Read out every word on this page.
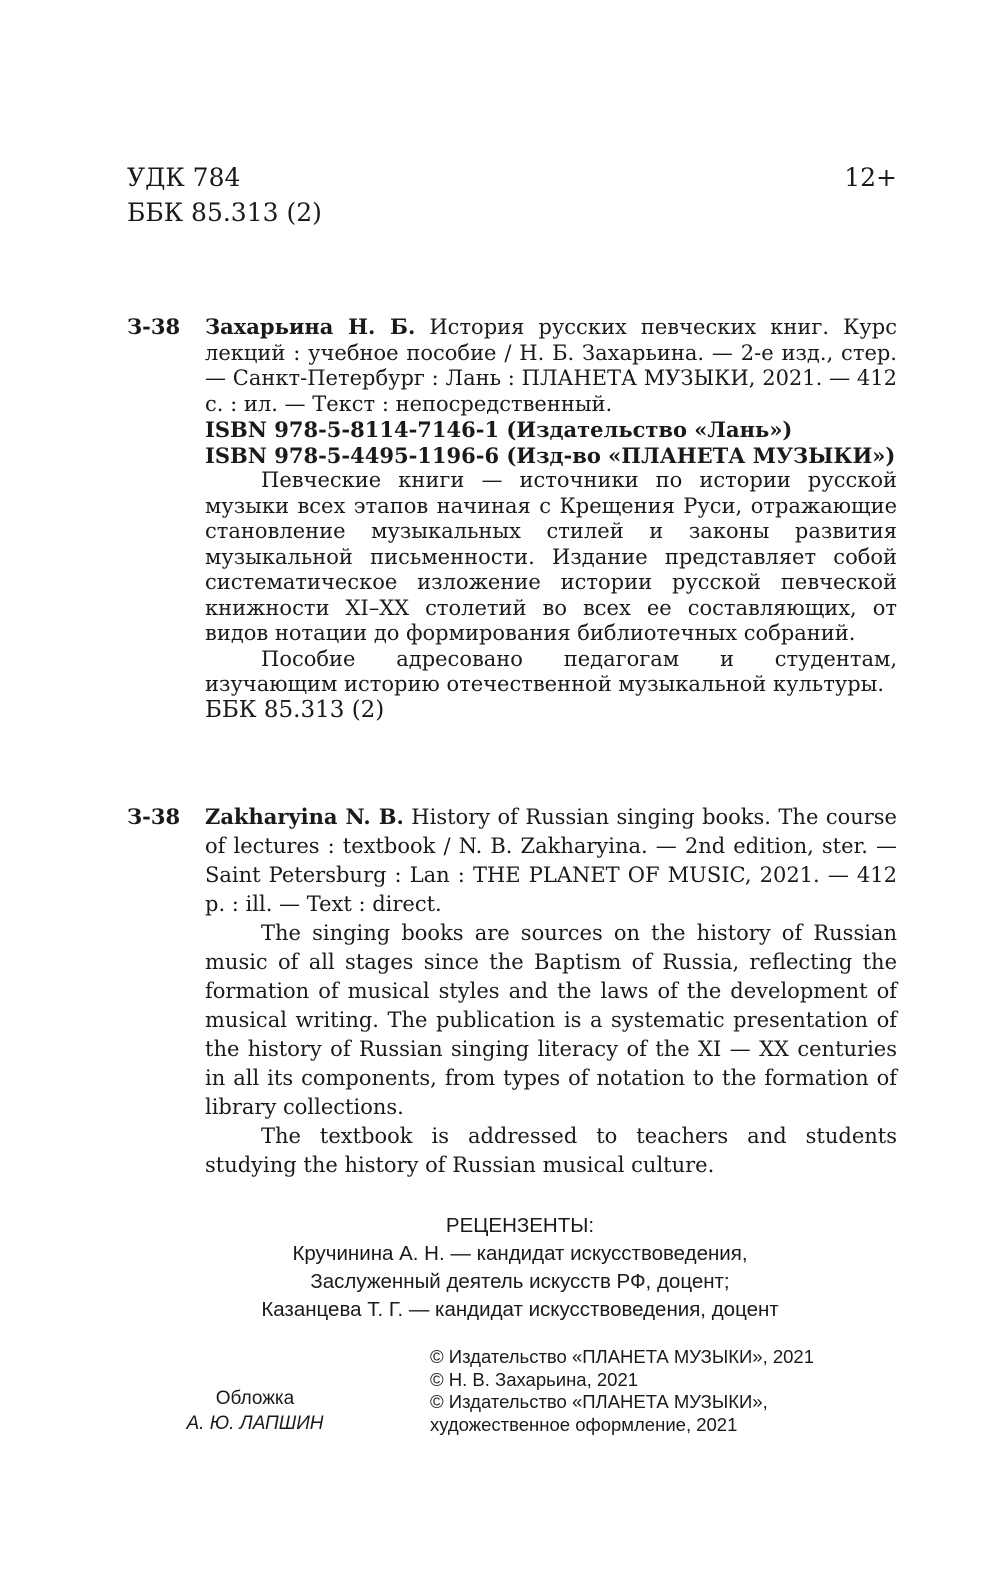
УДК 784	12+
ББК 85.313 (2)
З-38	Захарьина Н. Б. История русских певческих книг. Курс лекций : учебное пособие / Н. Б. Захарьина. — 2-е изд., стер. — Санкт-Петербург : Лань : ПЛАНЕТА МУЗЫКИ, 2021. — 412 с. : ил. — Текст : непосредственный.

ISBN 978-5-8114-7146-1 (Издательство «Лань»)

ISBN 978-5-4495-1196-6 (Изд-во «ПЛАНЕТА МУЗЫКИ»)

Певческие книги — источники по истории русской музыки всех этапов начиная с Крещения Руси, отражающие становление музыкальных стилей и законы развития музыкальной письменности. Издание представляет собой систематическое изложение истории русской певческой книжности XI–XX столетий во всех ее составляющих, от видов нотации до формирования библиотечных собраний.

Пособие адресовано педагогам и студентам, изучающим историю отечественной музыкальной культуры.

ББК 85.313 (2)

З-38	Zakharyina N. B. History of Russian singing books. The course of lectures : textbook / N. B. Zakharyina. — 2nd edition, ster. — Saint Petersburg : Lan : THE PLANET OF MUSIC, 2021. — 412 p. : ill. — Text : direct.

The singing books are sources on the history of Russian music of all stages since the Baptism of Russia, reflecting the formation of musical styles and the laws of the development of musical writing. The publication is a systematic presentation of the history of Russian singing literacy of the XI — XX centuries in all its components, from types of notation to the formation of library collections.

The textbook is addressed to teachers and students studying the history of Russian musical culture.

РЕЦЕНЗЕНТЫ:
Кручинина А. Н. — кандидат искусствоведения,
Заслуженный деятель искусств РФ, доцент;
Казанцева Т. Г. — кандидат искусствоведения, доцент
Обложка
А. Ю. ЛАПШИН

© Издательство «ПЛАНЕТА МУЗЫКИ», 2021

© Н. В. Захарьина, 2021

© Издательство «ПЛАНЕТА МУЗЫКИ»,

художественное оформление, 2021
